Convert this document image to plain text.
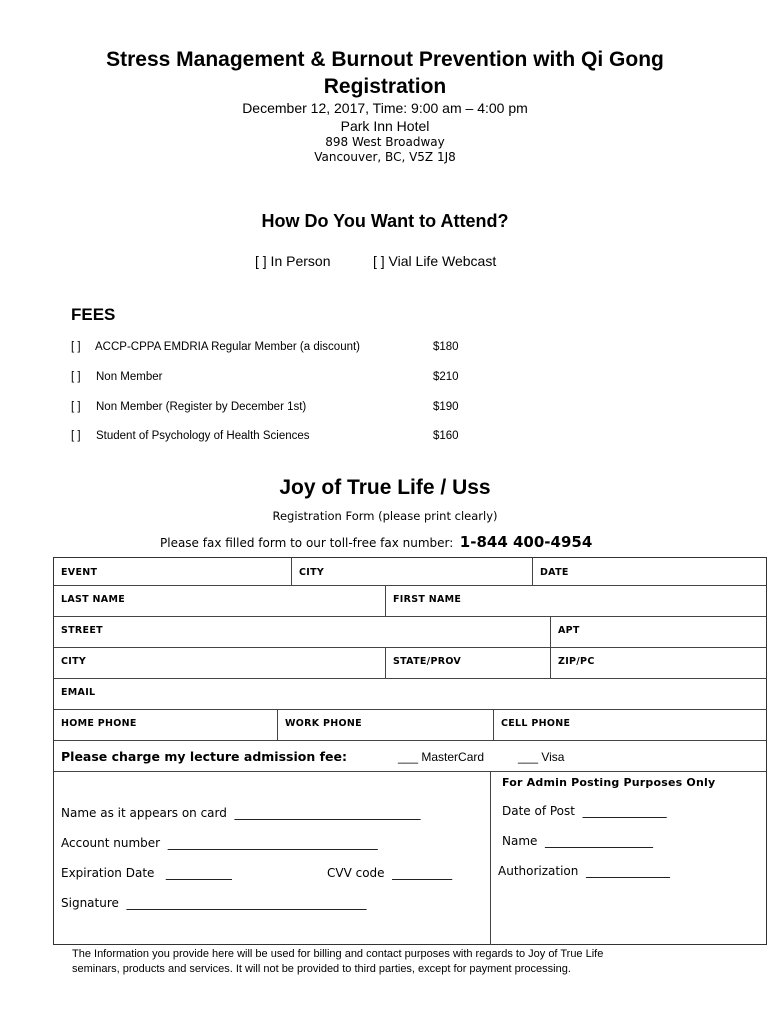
Stress Management & Burnout Prevention with Qi Gong
Registration
December 12, 2017, Time: 9:00 am – 4:00 pm
Park Inn Hotel
898 West Broadway
Vancouver, BC, V5Z 1J8
How Do You Want to Attend?
[ ] In Person	[ ] Vial Life Webcast
FEES
[ ] ACCP-CPPA EMDRIA Regular Member (a discount)	$180
[ ] Non Member	$210
[ ] Non Member (Register by December 1st)	$190
[ ] Student of Psychology of Health Sciences	$160
Joy of True Life / Uss
Registration Form (please print clearly)
Please fax filled form to our toll-free fax number: 1-844 400-4954
EVENT	CITY	DATE
LAST NAME	FIRST NAME
STREET	APT
CITY	STATE/PROV	ZIP/PC
EMAIL
HOME PHONE	WORK PHONE	CELL PHONE
Please charge my lecture admission fee:	___ MasterCard	___ Visa
Name as it appears on card  _______________________________
Account number  ___________________________________
Expiration Date   ___________	CVV code  __________
Signature  ________________________________________
For Admin Posting Purposes Only
Date of Post  ______________
Name  __________________
Authorization  ______________
The Information you provide here will be used for billing and contact purposes with regards to Joy of True Life
seminars, products and services. It will not be provided to third parties, except for payment processing.
